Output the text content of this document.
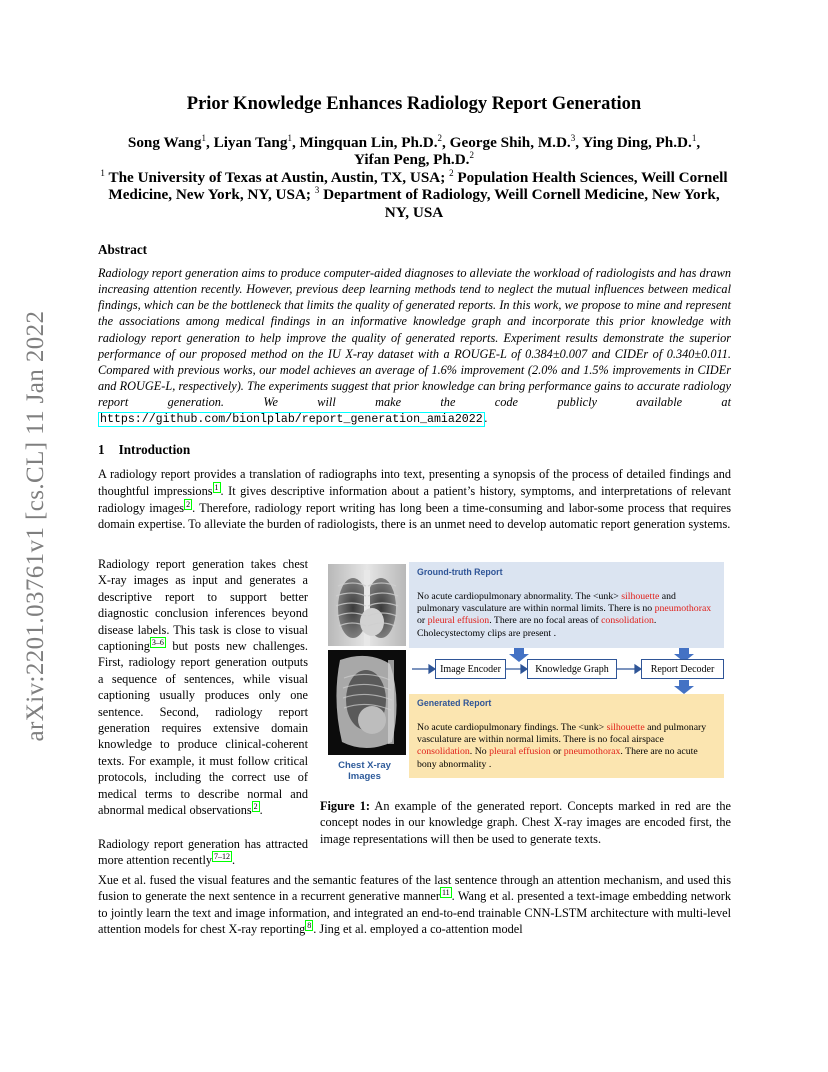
arXiv:2201.03761v1 [cs.CL] 11 Jan 2022
Prior Knowledge Enhances Radiology Report Generation
Song Wang$^1$, Liyan Tang$^1$, Mingquan Lin, Ph.D.$^2$, George Shih, M.D.$^3$, Ying Ding, Ph.D.$^1$,
Yifan Peng, Ph.D.$^2$
$^1$ The University of Texas at Austin, Austin, TX, USA; $^2$ Population Health Sciences, Weill Cornell Medicine, New York, NY, USA; $^3$ Department of Radiology, Weill Cornell Medicine, New York, NY, USA
Abstract
Radiology report generation aims to produce computer-aided diagnoses to alleviate the workload of radiologists and has drawn increasing attention recently. However, previous deep learning methods tend to neglect the mutual influences between medical findings, which can be the bottleneck that limits the quality of generated reports. In this work, we propose to mine and represent the associations among medical findings in an informative knowledge graph and incorporate this prior knowledge with radiology report generation to help improve the quality of generated reports. Experiment results demonstrate the superior performance of our proposed method on the IU X-ray dataset with a ROUGE-L of 0.384±0.007 and CIDEr of 0.340±0.011. Compared with previous works, our model achieves an average of 1.6% improvement (2.0% and 1.5% improvements in CIDEr and ROUGE-L, respectively). The experiments suggest that prior knowledge can bring performance gains to accurate radiology report generation. We will make the code publicly available at https://github.com/bionlplab/report_generation_amia2022 .
1 Introduction
A radiology report provides a translation of radiographs into text, presenting a synopsis of the process of detailed findings and thoughtful impressions $^1$ . It gives descriptive information about a patient’s history, symptoms, and interpretations of relevant radiology images $^2$ . Therefore, radiology report writing has long been a time-consuming and labor-some process that requires domain expertise. To alleviate the burden of radiologists, there is an unmet need to develop automatic report generation systems.
Radiology report generation takes chest X-ray images as input and generates a descriptive report to support better diagnostic conclusion inferences beyond disease labels. This task is close to visual captioning $^{3-6}$ but posts new challenges. First, radiology report generation outputs a sequence of sentences, while visual captioning usually produces only one sentence. Second, radiology report generation requires extensive domain knowledge to produce clinical-coherent texts. For example, it must follow critical protocols, including the correct use of medical terms to describe normal and abnormal medical observations $^2$ .
Radiology report generation has attracted more attention recently $^{7-12}$ .
Chest X-ray Images
Ground-truth Report
No acute cardiopulmonary abnormality. The <unk> silhouette and pulmonary vasculature are within normal limits. There is no pneumothorax or pleural effusion. There are no focal areas of consolidation. Cholecystectomy clips are present .
Image Encoder	Knowledge Graph	Report Decoder
Generated Report
No acute cardiopulmonary findings. The <unk> silhouette and pulmonary vasculature are within normal limits. There is no focal airspace consolidation. No pleural effusion or pneumothorax. There are no acute bony abnormality .
Figure 1: An example of the generated report. Concepts marked in red are the concept nodes in our knowledge graph. Chest X-ray images are encoded first, the image representations will then be used to generate texts.
Xue et al. fused the visual features and the semantic features of the last sentence through an attention mechanism, and used this fusion to generate the next sentence in a recurrent generative manner $^{11}$ . Wang et al. presented a text-image embedding network to jointly learn the text and image information, and integrated an end-to-end trainable CNN-LSTM architecture with multi-level attention models for chest X-ray reporting $^8$ . Jing et al. employed a co-attention model
